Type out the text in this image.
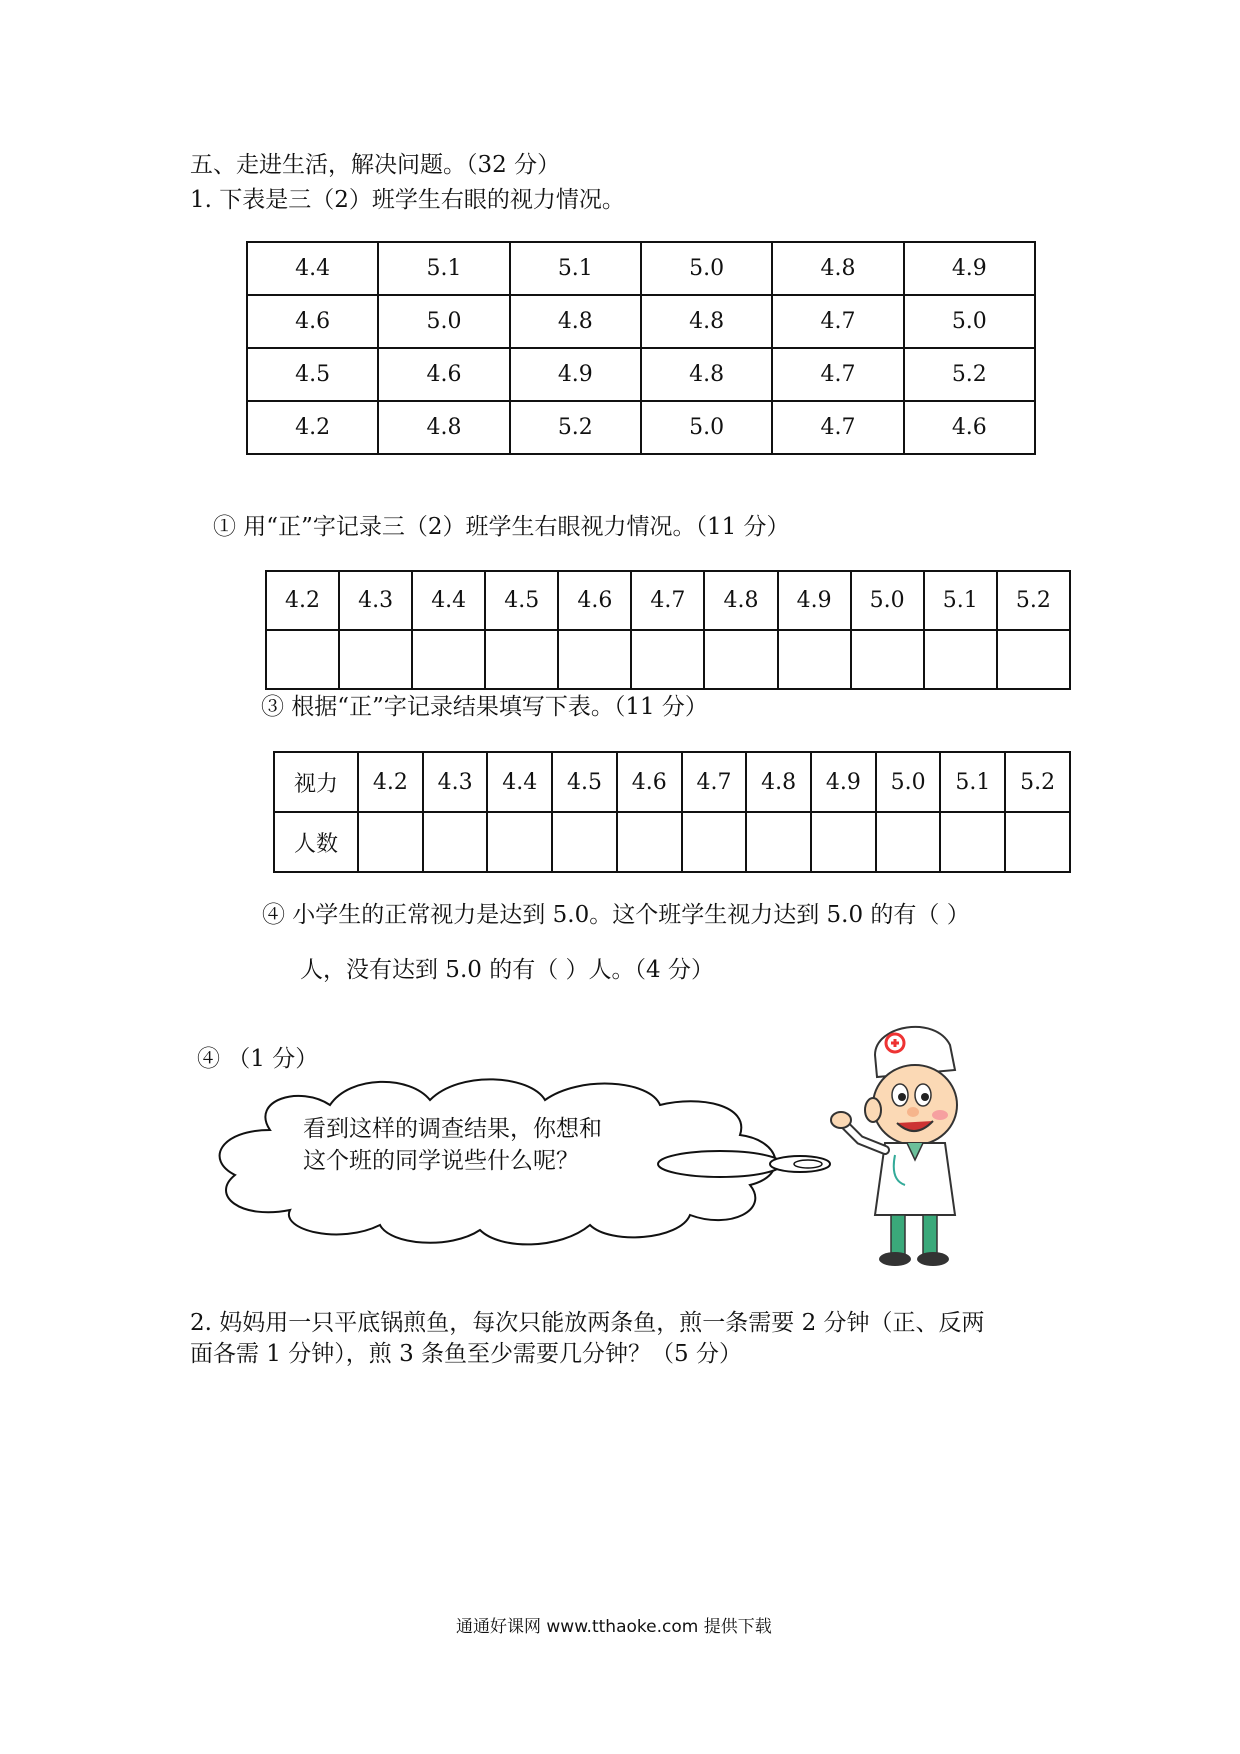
五、走进生活，解决问题。（32 分）
1. 下表是三（2）班学生右眼的视力情况。
4.4	5.1	5.1	5.0	4.8	4.9
4.6	5.0	4.8	4.8	4.7	5.0
4.5	4.6	4.9	4.8	4.7	5.2
4.2	4.8	5.2	5.0	4.7	4.6
① 用“正”字记录三（2）班学生右眼视力情况。（11 分）
4.2	4.3	4.4	4.5	4.6	4.7	4.8	4.9	5.0	5.1	5.2

③ 根据“正”字记录结果填写下表。（11 分）
视力	4.2	4.3	4.4	4.5	4.6	4.7	4.8	4.9	5.0	5.1	5.2
人数											
④ 小学生的正常视力是达到 5.0。这个班学生视力达到 5.0 的有（ ）
人，没有达到 5.0 的有（ ）人。（4 分）
④ （1 分）
看到这样的调查结果，你想和
这个班的同学说些什么呢？
2. 妈妈用一只平底锅煎鱼，每次只能放两条鱼，煎一条需要 2 分钟（正、反两
面各需 1 分钟），煎 3 条鱼至少需要几分钟？（5 分）
通通好课网 www.tthaoke.com 提供下载
